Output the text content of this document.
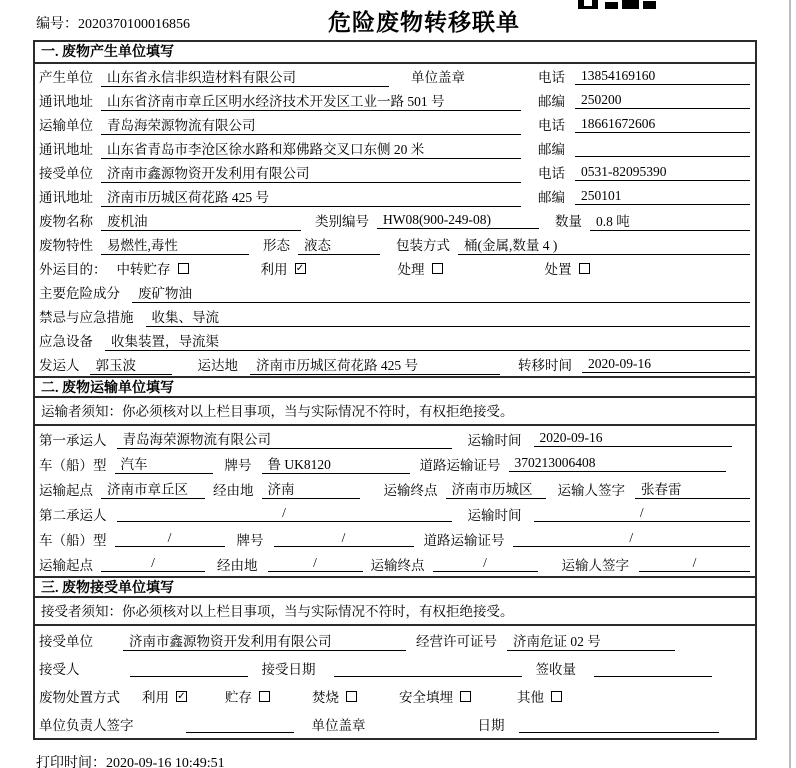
编号：2020370100016856	危险废物转移联单
一. 废物产生单位填写
产生单位	山东省永信非织造材料有限公司	单位盖章	电话	13854169160
通讯地址	山东省济南市章丘区明水经济技术开发区工业一路 501 号	邮编	250200
运输单位	青岛海荣源物流有限公司	电话	18661672606
通讯地址	山东省青岛市李沧区徐水路和郑佛路交叉口东侧 20 米	邮编
接受单位	济南市鑫源物资开发利用有限公司	电话	0531-82095390
通讯地址	济南市历城区荷花路 425 号	邮编	250101
废物名称	废机油	类别编号	HW08(900-249-08)	数量	0.8 吨
废物特性	易燃性,毒性	形态	液态	包装方式	桶(金属,数量 4 )
外运目的： 中转贮存	利用 ✓	处理	处置
主要危险成分	废矿物油
禁忌与应急措施	收集、导流
应急设备	收集装置，导流渠
发运人	郭玉波	运达地	济南市历城区荷花路 425 号	转移时间	2020-09-16
二. 废物运输单位填写
运输者须知：你必须核对以上栏目事项，当与实际情况不符时，有权拒绝接受。
第一承运人	青岛海荣源物流有限公司	运输时间	2020-09-16
车（船）型	汽车	牌号	鲁 UK8120	道路运输证号	370213006408
运输起点	济南市章丘区	经由地	济南	运输终点	济南市历城区	运输人签字	张春雷
第二承运人	/	运输时间	/
车（船）型	/	牌号	/	道路运输证号	/
运输起点	/	经由地	/	运输终点	/	运输人签字	/
三. 废物接受单位填写
接受者须知：你必须核对以上栏目事项，当与实际情况不符时，有权拒绝接受。
接受单位	济南市鑫源物资开发利用有限公司	经营许可证号	济南危证 02 号
接受人	接受日期	签收量
废物处置方式 利用 ✓	贮存	焚烧	安全填埋	其他
单位负责人签字	单位盖章	日期
打印时间：2020-09-16 10:49:51
